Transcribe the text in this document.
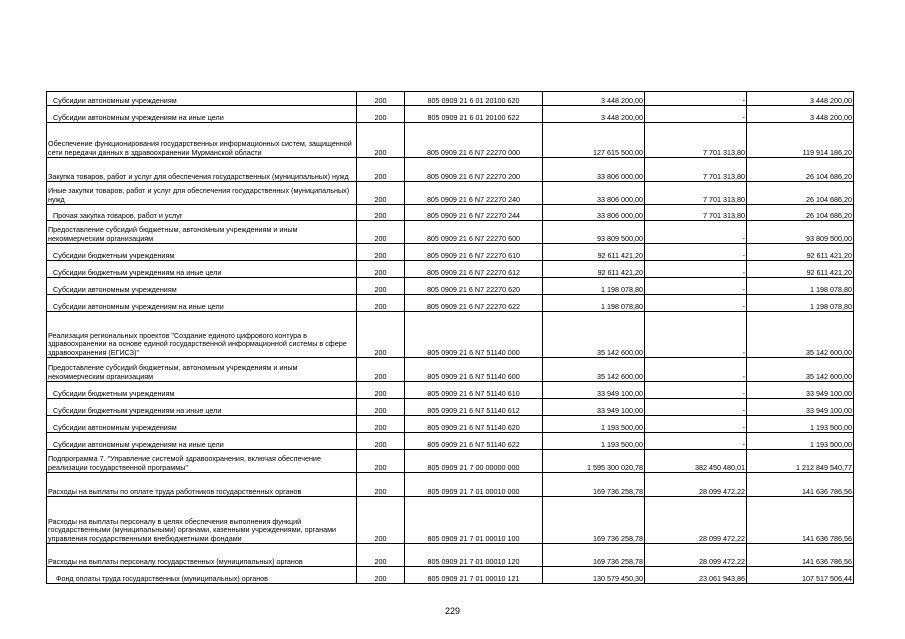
Субсидии автономным учреждениям	200	805 0909 21 6 01 20100 620	3 448 200,00	-	3 448 200,00
Субсидии автономным учреждениям на иные цели	200	805 0909 21 6 01 20100 622	3 448 200,00	-	3 448 200,00
Обеспечение функционирования государственных информационных систем, защищенной сети передачи данных в здравоохранении Мурманской области	200	805 0909 21 6 N7 22270 000	127 615 500,00	7 701 313,80	119 914 186,20
Закупка товаров, работ и услуг для обеспечения государственных (муниципальных) нужд	200	805 0909 21 6 N7 22270 200	33 806 000,00	7 701 313,80	26 104 686,20
Иные закупки товаров, работ и услуг для обеспечения государственных (муниципальных) нужд	200	805 0909 21 6 N7 22270 240	33 806 000,00	7 701 313,80	26 104 686,20
Прочая закупка товаров, работ и услуг	200	805 0909 21 6 N7 22270 244	33 806 000,00	7 701 313,80	26 104 686,20
Предоставление субсидий бюджетным, автономным учреждениям и иным некоммерческим организациям	200	805 0909 21 6 N7 22270 600	93 809 500,00	-	93 809 500,00
Субсидии бюджетным учреждениям	200	805 0909 21 6 N7 22270 610	92 611 421,20	-	92 611 421,20
Субсидии бюджетным учреждениям на иные цели	200	805 0909 21 6 N7 22270 612	92 611 421,20	-	92 611 421,20
Субсидии автономным учреждениям	200	805 0909 21 6 N7 22270 620	1 198 078,80	-	1 198 078,80
Субсидии автономным учреждениям на иные цели	200	805 0909 21 6 N7 22270 622	1 198 078,80	-	1 198 078,80
Реализация региональных проектов "Создание единого цифрового контура в здравоохранении на основе единой государственной информационной системы в сфере здравоохранения (ЕГИСЗ)"	200	805 0909 21 6 N7 51140 000	35 142 600,00	-	35 142 600,00
Предоставление субсидий бюджетным, автономным учреждениям и иным некоммерческим организациям	200	805 0909 21 6 N7 51140 600	35 142 600,00	-	35 142 600,00
Субсидии бюджетным учреждениям	200	805 0909 21 6 N7 51140 610	33 949 100,00	-	33 949 100,00
Субсидии бюджетным учреждениям на иные цели	200	805 0909 21 6 N7 51140 612	33 949 100,00	-	33 949 100,00
Субсидии автономным учреждениям	200	805 0909 21 6 N7 51140 620	1 193 500,00	-	1 193 500,00
Субсидии автономным учреждениям на иные цели	200	805 0909 21 6 N7 51140 622	1 193 500,00	-	1 193 500,00
Подпрограмма 7. "Управление системой здравоохранения, включая обеспечение реализации государственной программы"	200	805 0909 21 7 00 00000 000	1 595 300 020,78	382 450 480,01	1 212 849 540,77
Расходы на выплаты по оплате труда работников государственных органов	200	805 0909 21 7 01 00010 000	169 736 258,78	28 099 472,22	141 636 786,56
Расходы на выплаты персоналу в целях обеспечения выполнения функций государственными (муниципальными) органами, казенными учреждениями, органами управления государственными внебюджетными фондами	200	805 0909 21 7 01 00010 100	169 736 258,78	28 099 472,22	141 636 786,56
Расходы на выплаты персоналу государственных (муниципальных) органов	200	805 0909 21 7 01 00010 120	169 736 258,78	28 099 472,22	141 636 786,56
Фонд оплаты труда государственных (муниципальных) органов	200	805 0909 21 7 01 00010 121	130 579 450,30	23 061 943,86	107 517 506,44
229
